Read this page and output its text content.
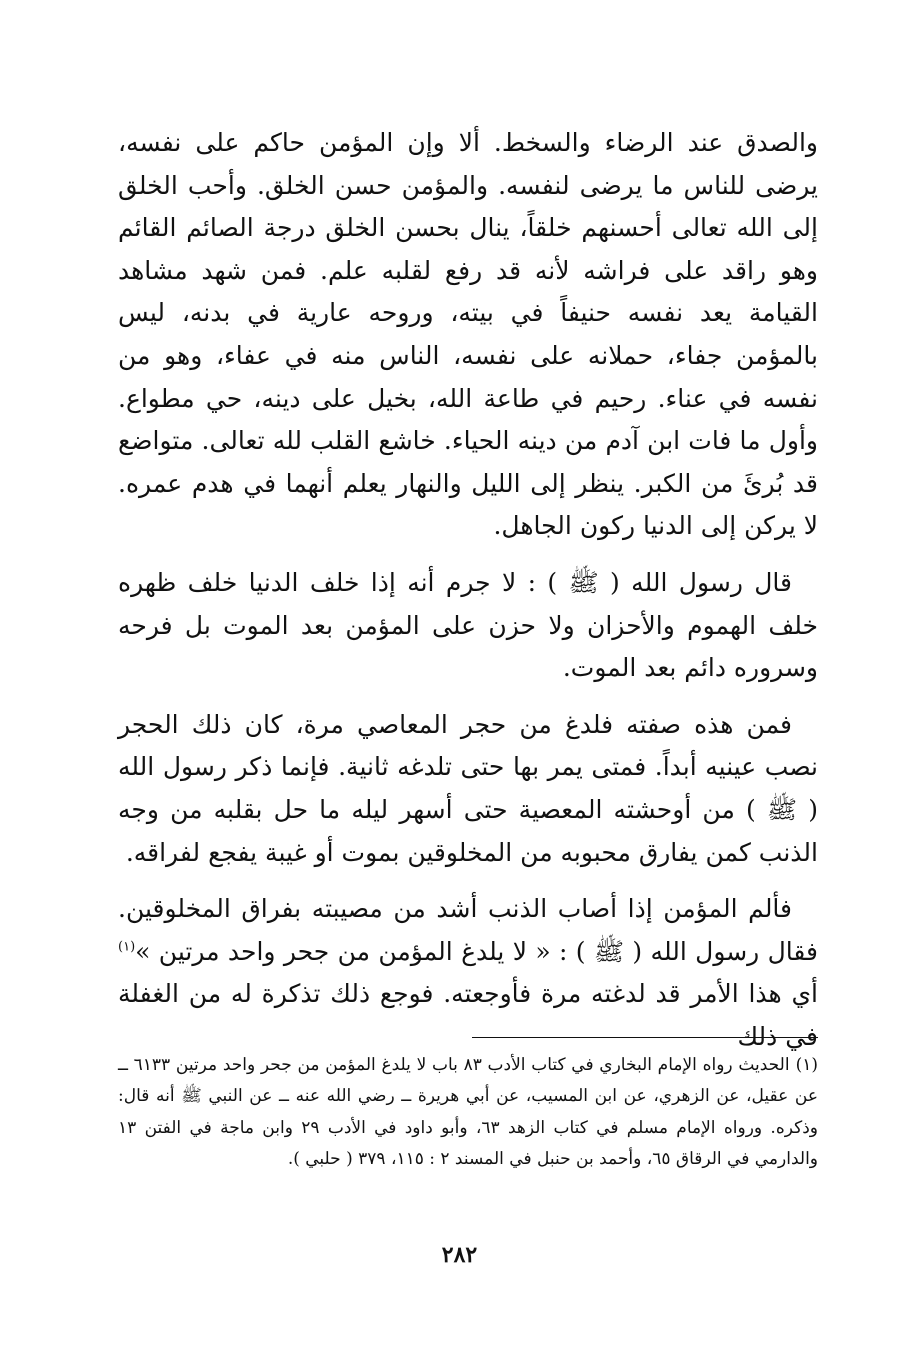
والصدق عند الرضاء والسخط. ألا وإن المؤمن حاكم على نفسه، يرضى للناس ما يرضى لنفسه. والمؤمن حسن الخلق. وأحب الخلق إلى الله تعالى أحسنهم خلقاً، ينال بحسن الخلق درجة الصائم القائم وهو راقد على فراشه لأنه قد رفع لقلبه علم. فمن شهد مشاهد القيامة يعد نفسه حنيفاً في بيته، وروحه عارية في بدنه، ليس بالمؤمن جفاء، حملانه على نفسه، الناس منه في عفاء، وهو من نفسه في عناء. رحيم في طاعة الله، بخيل على دينه، حي مطواع. وأول ما فات ابن آدم من دينه الحياء. خاشع القلب لله تعالى. متواضع قد بُرئَ من الكبر. ينظر إلى الليل والنهار يعلم أنهما في هدم عمره. لا يركن إلى الدنيا ركون الجاهل.

قال رسول الله ( ﷺ ) : لا جرم أنه إذا خلف الدنيا خلف ظهره خلف الهموم والأحزان ولا حزن على المؤمن بعد الموت بل فرحه وسروره دائم بعد الموت.

فمن هذه صفته فلدغ من حجر المعاصي مرة، كان ذلك الحجر نصب عينيه أبداً. فمتى يمر بها حتى تلدغه ثانية. فإنما ذكر رسول الله ( ﷺ ) من أوحشته المعصية حتى أسهر ليله ما حل بقلبه من وجه الذنب كمن يفارق محبوبه من المخلوقين بموت أو غيبة يفجع لفراقه.

فألم المؤمن إذا أصاب الذنب أشد من مصيبته بفراق المخلوقين. فقال رسول الله ( ﷺ ) : « لا يلدغ المؤمن من جحر واحد مرتين »$^{(١)}$ أي هذا الأمر قد لدغته مرة فأوجعته. فوجع ذلك تذكرة له من الغفلة في ذلك

(١)الحديث رواه الإمام البخاري في كتاب الأدب ٨٣ باب لا يلدغ المؤمن من جحر واحد مرتين ٦١٣٣ ــ عن عقيل، عن الزهري، عن ابن المسيب، عن أبي هريرة ــ رضي الله عنه ــ عن النبي ﷺ أنه قال: وذكره. ورواه الإمام مسلم في كتاب الزهد ٦٣، وأبو داود في الأدب ٢٩ وابن ماجة في الفتن ١٣ والدارمي في الرقاق ٦٥، وأحمد بن حنبل في المسند ٢ : ١١٥، ٣٧٩ ( حلبي ).

٢٨٢
